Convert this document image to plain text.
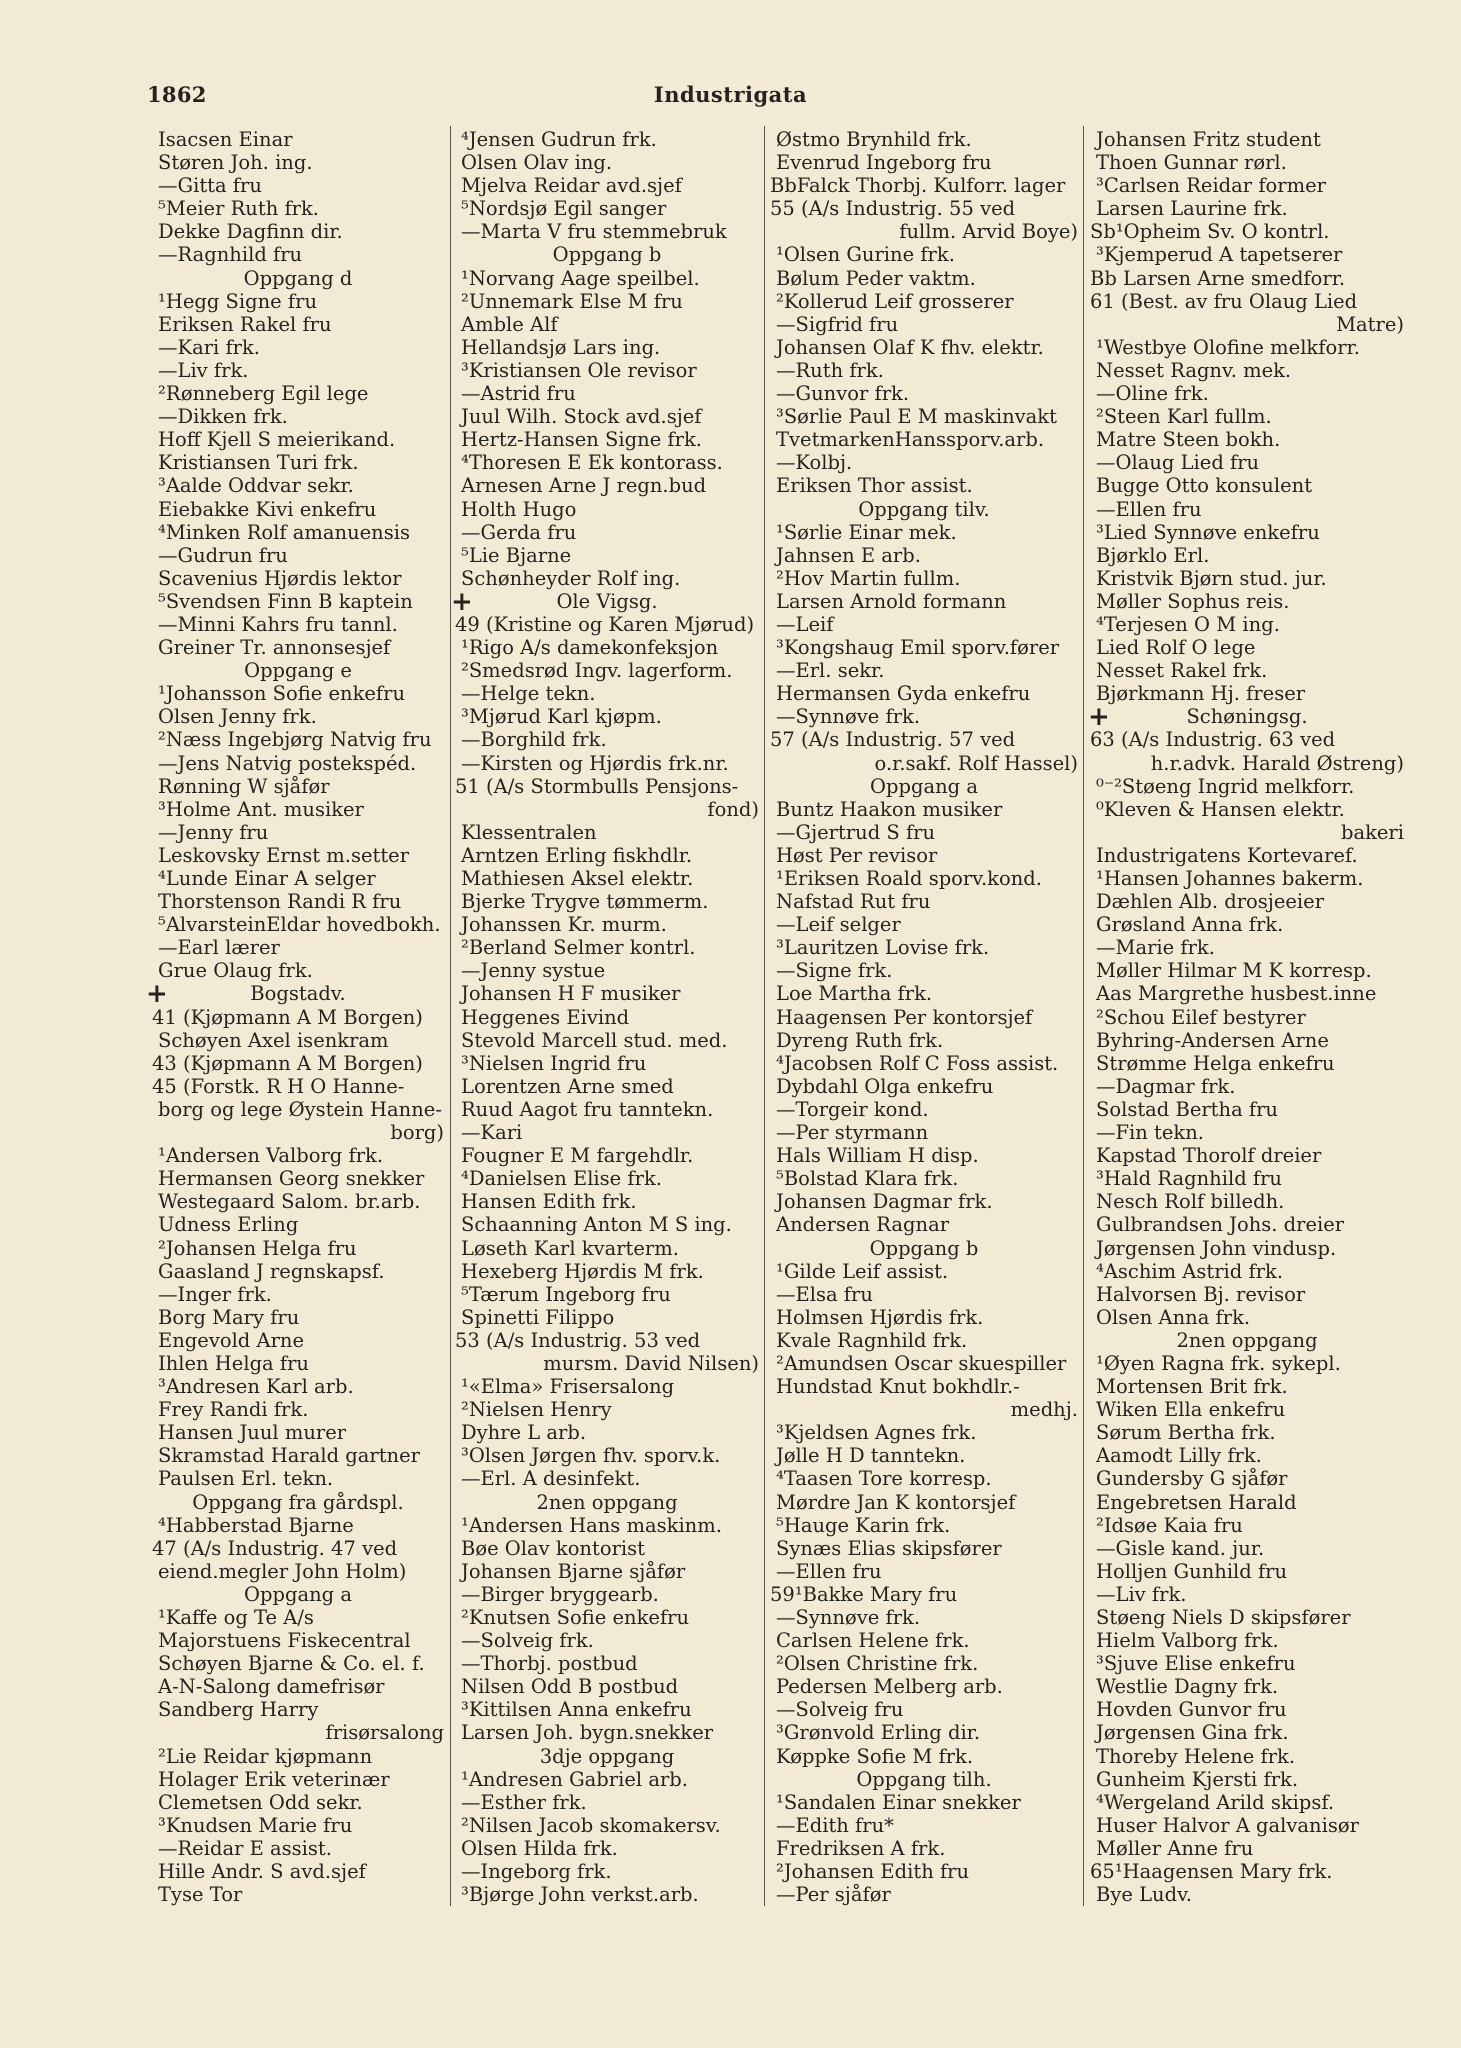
1862	Industrigata
Isacsen Einar
Støren Joh. ing.
—Gitta fru
⁵Meier Ruth frk.
Dekke Dagfinn dir.
—Ragnhild fru
Oppgang d
¹Hegg Signe fru
Eriksen Rakel fru
—Kari frk.
—Liv frk.
²Rønneberg Egil lege
—Dikken frk.
Hoff Kjell S meierikand.
Kristiansen Turi frk.
³Aalde Oddvar sekr.
Eiebakke Kivi enkefru
⁴Minken Rolf amanuensis
—Gudrun fru
Scavenius Hjørdis lektor
⁵Svendsen Finn B kaptein
—Minni Kahrs fru tannl.
Greiner Tr. annonsesjef
Oppgang e
¹Johansson Sofie enkefru
Olsen Jenny frk.
²Næss Ingebjørg Natvig fru
—Jens Natvig postekspéd.
Rønning W sjåfør
³Holme Ant. musiker
—Jenny fru
Leskovsky Ernst m.setter
⁴Lunde Einar A selger
Thorstenson Randi R fru
⁵AlvarsteinEldar hovedbokh.
—Earl lærer
Grue Olaug frk.
Bogstadv.
41 (Kjøpmann A M Borgen)
Schøyen Axel isenkram
43 (Kjøpmann A M Borgen)
45 (Forstk. R H O Hanne-
borg og lege Øystein Hanne-
borg)
¹Andersen Valborg frk.
Hermansen Georg snekker
Westegaard Salom. br.arb.
Udness Erling
²Johansen Helga fru
Gaasland J regnskapsf.
—Inger frk.
Borg Mary fru
Engevold Arne
Ihlen Helga fru
³Andresen Karl arb.
Frey Randi frk.
Hansen Juul murer
Skramstad Harald gartner
Paulsen Erl. tekn.
Oppgang fra gårdspl.
⁴Habberstad Bjarne
47 (A/s Industrig. 47 ved
eiend.megler John Holm)
Oppgang a
¹Kaffe og Te A/s
Majorstuens Fiskecentral
Schøyen Bjarne & Co. el. f.
A-N-Salong damefrisør
Sandberg Harry
frisørsalong
²Lie Reidar kjøpmann
Holager Erik veterinær
Clemetsen Odd sekr.
³Knudsen Marie fru
—Reidar E assist.
Hille Andr. S avd.sjef
Tyse Tor
⁴Jensen Gudrun frk.
Olsen Olav ing.
Mjelva Reidar avd.sjef
⁵Nordsjø Egil sanger
—Marta V fru stemmebruk
Oppgang b
¹Norvang Aage speilbel.
²Unnemark Else M fru
Amble Alf
Hellandsjø Lars ing.
³Kristiansen Ole revisor
—Astrid fru
Juul Wilh. Stock avd.sjef
Hertz-Hansen Signe frk.
⁴Thoresen E Ek kontorass.
Arnesen Arne J regn.bud
Holth Hugo
—Gerda fru
⁵Lie Bjarne
Schønheyder Rolf ing.
Ole Vigsg.
49 (Kristine og Karen Mjørud)
¹Rigo A/s damekonfeksjon
²Smedsrød Ingv. lagerform.
—Helge tekn.
³Mjørud Karl kjøpm.
—Borghild frk.
—Kirsten og Hjørdis frk.nr.
51 (A/s Stormbulls Pensjons-
fond)
Klessentralen
Arntzen Erling fiskhdlr.
Mathiesen Aksel elektr.
Bjerke Trygve tømmerm.
Johanssen Kr. murm.
²Berland Selmer kontrl.
—Jenny systue
Johansen H F musiker
Heggenes Eivind
Stevold Marcell stud. med.
³Nielsen Ingrid fru
Lorentzen Arne smed
Ruud Aagot fru tanntekn.
—Kari
Fougner E M fargehdlr.
⁴Danielsen Elise frk.
Hansen Edith frk.
Schaanning Anton M S ing.
Løseth Karl kvarterm.
Hexeberg Hjørdis M frk.
⁵Tærum Ingeborg fru
Spinetti Filippo
53 (A/s Industrig. 53 ved
mursm. David Nilsen)
¹«Elma» Frisersalong
²Nielsen Henry
Dyhre L arb.
³Olsen Jørgen fhv. sporv.k.
—Erl. A desinfekt.
2nen oppgang
¹Andersen Hans maskinm.
Bøe Olav kontorist
Johansen Bjarne sjåfør
—Birger bryggearb.
²Knutsen Sofie enkefru
—Solveig frk.
—Thorbj. postbud
Nilsen Odd B postbud
³Kittilsen Anna enkefru
Larsen Joh. bygn.snekker
3dje oppgang
¹Andresen Gabriel arb.
—Esther frk.
²Nilsen Jacob skomakersv.
Olsen Hilda frk.
—Ingeborg frk.
³Bjørge John verkst.arb.
Østmo Brynhild frk.
Evenrud Ingeborg fru
BbFalck Thorbj. Kulforr. lager
55 (A/s Industrig. 55 ved
fullm. Arvid Boye)
¹Olsen Gurine frk.
Bølum Peder vaktm.
²Kollerud Leif grosserer
—Sigfrid fru
Johansen Olaf K fhv. elektr.
—Ruth frk.
—Gunvor frk.
³Sørlie Paul E M maskinvakt
TvetmarkenHanssporv.arb.
—Kolbj.
Eriksen Thor assist.
Oppgang tilv.
¹Sørlie Einar mek.
Jahnsen E arb.
²Hov Martin fullm.
Larsen Arnold formann
—Leif
³Kongshaug Emil sporv.fører
—Erl. sekr.
Hermansen Gyda enkefru
—Synnøve frk.
57 (A/s Industrig. 57 ved
o.r.sakf. Rolf Hassel)
Oppgang a
Buntz Haakon musiker
—Gjertrud S fru
Høst Per revisor
¹Eriksen Roald sporv.kond.
Nafstad Rut fru
—Leif selger
³Lauritzen Lovise frk.
—Signe frk.
Loe Martha frk.
Haagensen Per kontorsjef
Dyreng Ruth frk.
⁴Jacobsen Rolf C Foss assist.
Dybdahl Olga enkefru
—Torgeir kond.
—Per styrmann
Hals William H disp.
⁵Bolstad Klara frk.
Johansen Dagmar frk.
Andersen Ragnar
Oppgang b
¹Gilde Leif assist.
—Elsa fru
Holmsen Hjørdis frk.
Kvale Ragnhild frk.
²Amundsen Oscar skuespiller
Hundstad Knut bokhdlr.-
medhj.
³Kjeldsen Agnes frk.
Jølle H D tanntekn.
⁴Taasen Tore korresp.
Mørdre Jan K kontorsjef
⁵Hauge Karin frk.
Synæs Elias skipsfører
—Ellen fru
59¹Bakke Mary fru
—Synnøve frk.
Carlsen Helene frk.
²Olsen Christine frk.
Pedersen Melberg arb.
—Solveig fru
³Grønvold Erling dir.
Køppke Sofie M frk.
Oppgang tilh.
¹Sandalen Einar snekker
—Edith fru*
Fredriksen A frk.
²Johansen Edith fru
—Per sjåfør
Johansen Fritz student
Thoen Gunnar rørl.
³Carlsen Reidar former
Larsen Laurine frk.
Sb¹Opheim Sv. O kontrl.
³Kjemperud A tapetserer
Bb Larsen Arne smedforr.
61 (Best. av fru Olaug Lied
Matre)
¹Westbye Olofine melkforr.
Nesset Ragnv. mek.
—Oline frk.
²Steen Karl fullm.
Matre Steen bokh.
—Olaug Lied fru
Bugge Otto konsulent
—Ellen fru
³Lied Synnøve enkefru
Bjørklo Erl.
Kristvik Bjørn stud. jur.
Møller Sophus reis.
⁴Terjesen O M ing.
Lied Rolf O lege
Nesset Rakel frk.
Bjørkmann Hj. freser
Schøningsg.
63 (A/s Industrig. 63 ved
h.r.advk. Harald Østreng)
⁰⁻²Støeng Ingrid melkforr.
⁰Kleven & Hansen elektr.
bakeri
Industrigatens Kortevaref.
¹Hansen Johannes bakerm.
Dæhlen Alb. drosjeeier
Grøsland Anna frk.
—Marie frk.
Møller Hilmar M K korresp.
Aas Margrethe husbest.inne
²Schou Eilef bestyrer
Byhring-Andersen Arne
Strømme Helga enkefru
—Dagmar frk.
Solstad Bertha fru
—Fin tekn.
Kapstad Thorolf dreier
³Hald Ragnhild fru
Nesch Rolf billedh.
Gulbrandsen Johs. dreier
Jørgensen John vindusp.
⁴Aschim Astrid frk.
Halvorsen Bj. revisor
Olsen Anna frk.
2nen oppgang
¹Øyen Ragna frk. sykepl.
Mortensen Brit frk.
Wiken Ella enkefru
Sørum Bertha frk.
Aamodt Lilly frk.
Gundersby G sjåfør
Engebretsen Harald
²Idsøe Kaia fru
—Gisle kand. jur.
Holljen Gunhild fru
—Liv frk.
Støeng Niels D skipsfører
Hielm Valborg frk.
³Sjuve Elise enkefru
Westlie Dagny frk.
Hovden Gunvor fru
Jørgensen Gina frk.
Thoreby Helene frk.
Gunheim Kjersti frk.
⁴Wergeland Arild skipsf.
Huser Halvor A galvanisør
Møller Anne fru
65¹Haagensen Mary frk.
Bye Ludv.
+
+
+
